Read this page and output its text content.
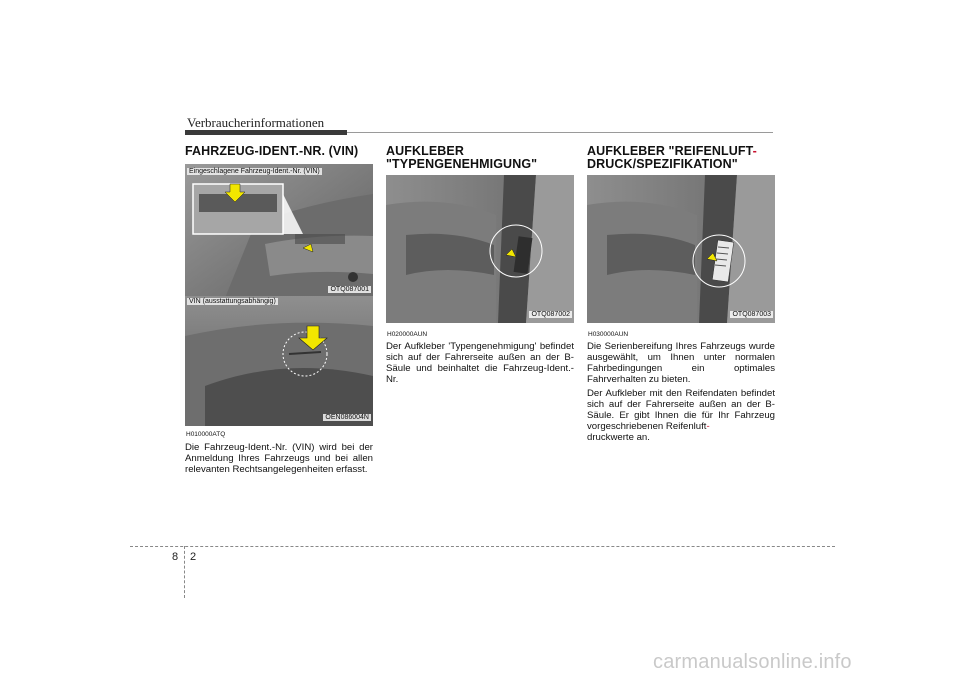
Verbraucherinformationen
FAHRZEUG-IDENT.-NR. (VIN)
Eingeschlagene Fahrzeug-Ident.-Nr. (VIN)
OTQ087001
VIN (ausstattungsabhängig)
OEN086004N
H010000ATQ

Die Fahrzeug-Ident.-Nr. (VIN) wird bei der Anmeldung Ihres Fahrzeugs und bei allen relevanten Rechtsangelegenheiten erfasst.

AUFKLEBER
"TYPENGENEHMIGUNG"
OTQ087002
H020000AUN

Der Aufkleber 'Typengenehmigung' befindet sich auf der Fahrerseite außen an der B-Säule und beinhaltet die Fahrzeug-Ident.-Nr.

AUFKLEBER "REIFENLUFT-
DRUCK/SPEZIFIKATION"
OTQ087003
H030000AUN

Die Serienbereifung Ihres Fahrzeugs wurde ausgewählt, um Ihnen unter normalen Fahrbedingungen ein optimales Fahrverhalten zu bieten.

Der Aufkleber mit den Reifendaten befindet sich auf der Fahrerseite außen an der B-Säule. Er gibt Ihnen die für Ihr Fahrzeug vorgeschriebenen Reifenluft-
druckwerte an.

8 2
carmanualsonline.info
